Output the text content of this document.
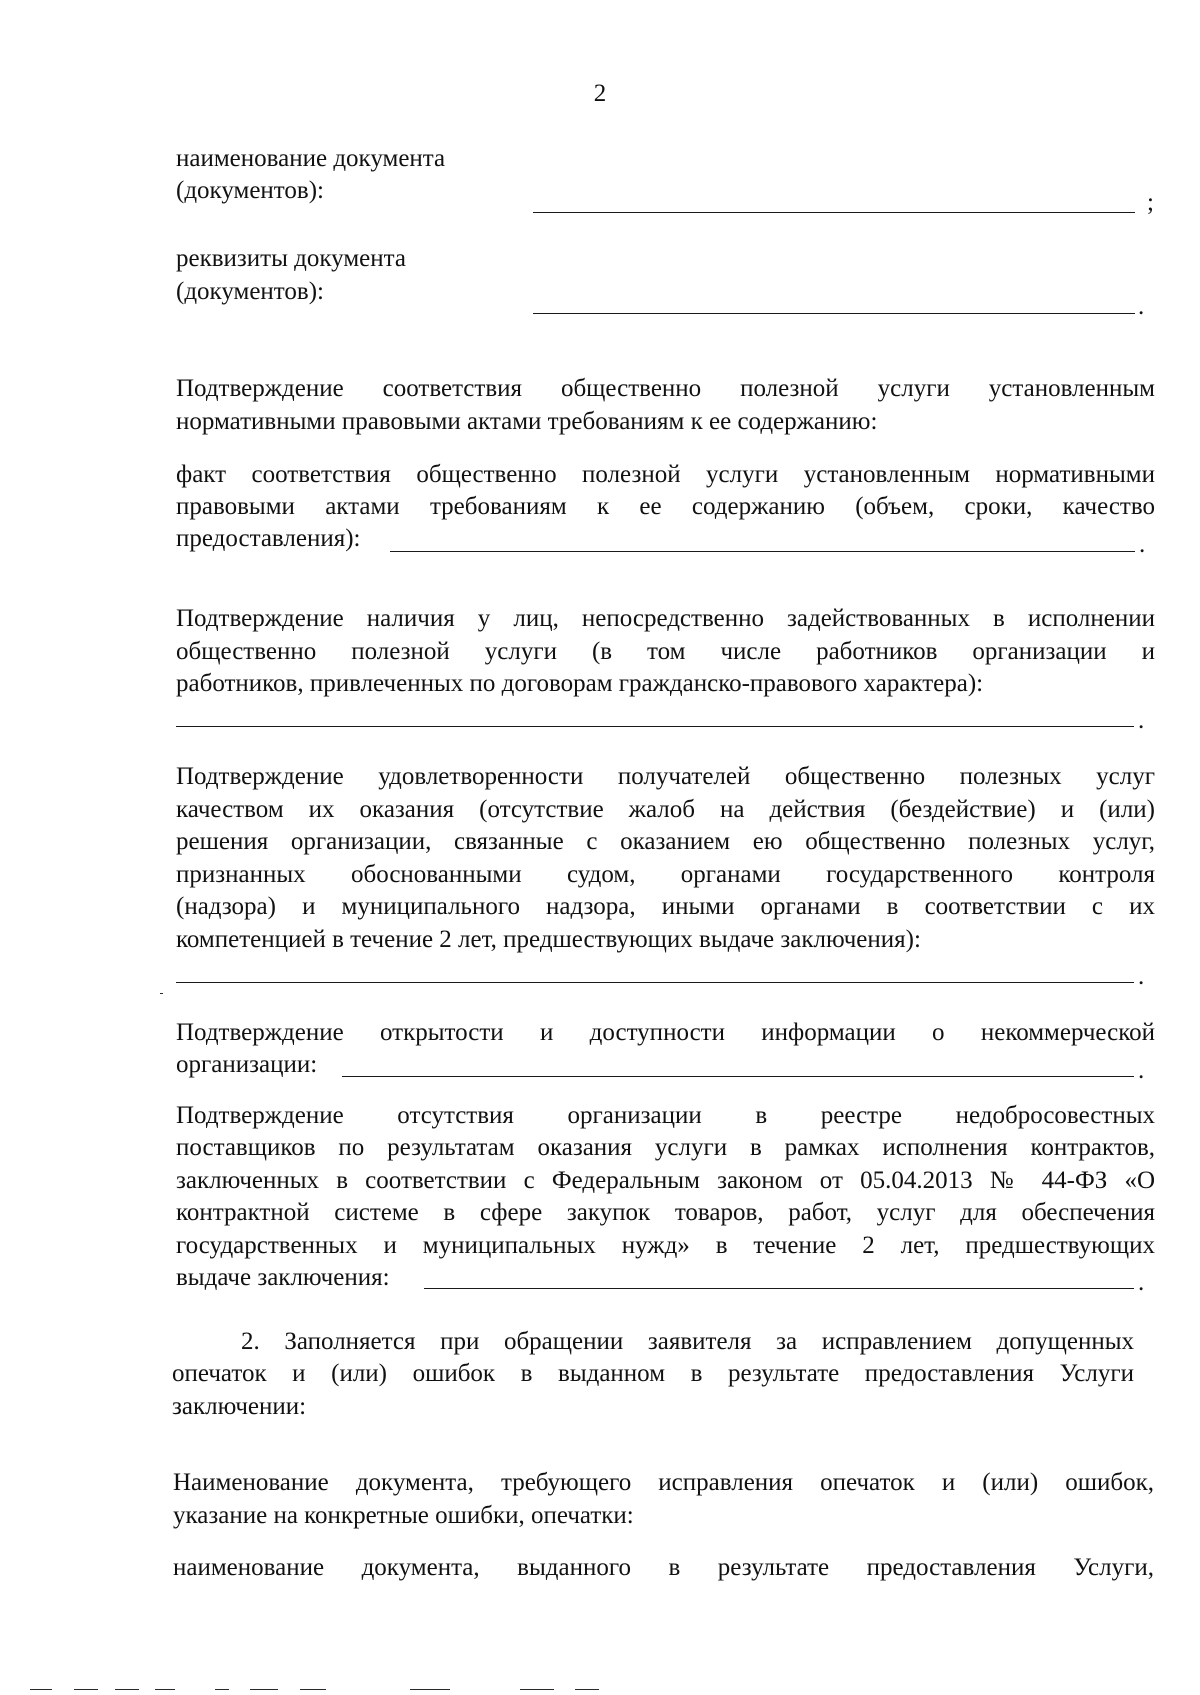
2
наименование документа
(документов):	;
реквизиты документа
(документов):
.
Подтверждение соответствия общественно полезной услуги установленным
нормативными правовыми актами требованиям к ее содержанию:
факт соответствия общественно полезной услуги установленным нормативными
правовыми актами требованиям к ее содержанию (объем, сроки, качество
предоставления):	.
Подтверждение наличия у лиц, непосредственно задействованных в исполнении
общественно полезной услуги (в том числе работников организации и
работников, привлеченных по договорам гражданско-правового характера):
.
Подтверждение удовлетворенности получателей общественно полезных услуг
качеством их оказания (отсутствие жалоб на действия (бездействие) и (или)
решения организации, связанные с оказанием ею общественно полезных услуг,
признанных обоснованными судом, органами государственного контроля
(надзора) и муниципального надзора, иными органами в соответствии с их
компетенцией в течение 2 лет, предшествующих выдаче заключения):
.
Подтверждение открытости и доступности информации о некоммерческой
организации:	.
Подтверждение отсутствия организации в реестре недобросовестных
поставщиков по результатам оказания услуги в рамках исполнения контрактов,
заключенных в соответствии с Федеральным законом от 05.04.2013 № 44-ФЗ «О
контрактной системе в сфере закупок товаров, работ, услуг для обеспечения
государственных и муниципальных нужд» в течение 2 лет, предшествующих
выдаче заключения:	.
2. Заполняется при обращении заявителя за исправлением допущенных
опечаток и (или) ошибок в выданном в результате предоставления Услуги
заключении:
Наименование документа, требующего исправления опечаток и (или) ошибок,
указание на конкретные ошибки, опечатки:
наименование документа, выданного в результате предоставления Услуги,
